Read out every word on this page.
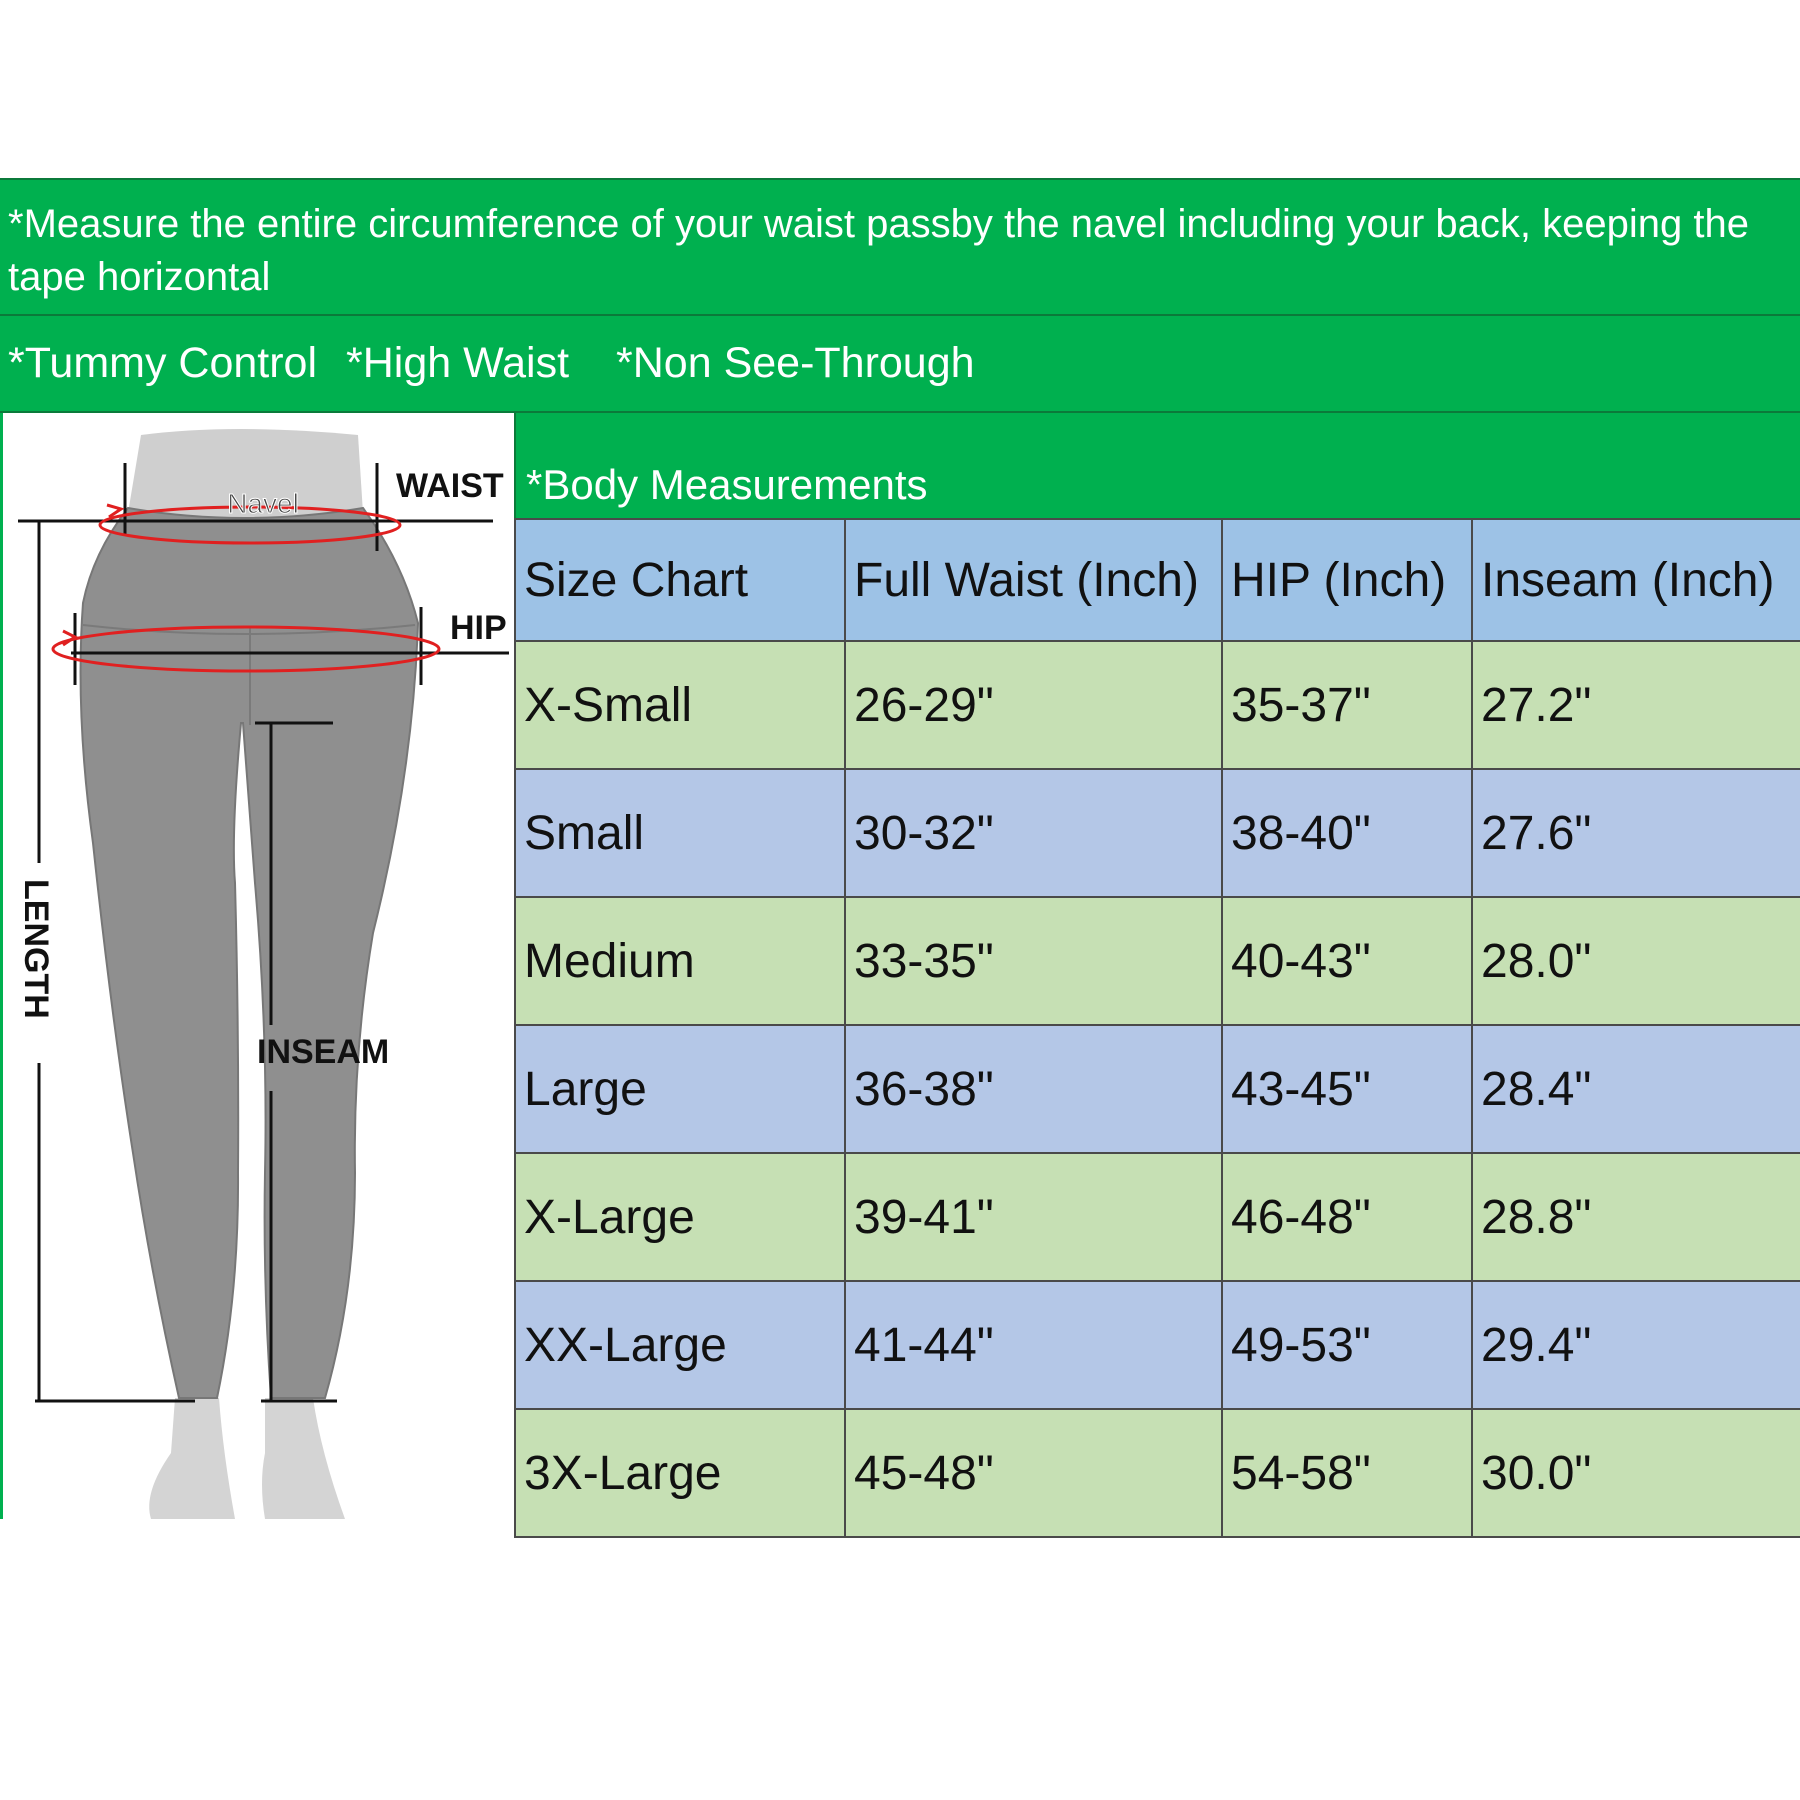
*Measure the entire circumference of your waist passby the navel including your back, keeping the tape horizontal
*Tummy Control *High Waist *Non See-Through
Navel	WAIST
HIP
LENGTH
INSEAM
*Body Measurements
Size Chart	Full Waist (Inch)	HIP (Inch)	Inseam (Inch)
X-Small	26-29"	35-37"	27.2"
Small	30-32"	38-40"	27.6"
Medium	33-35"	40-43"	28.0"
Large	36-38"	43-45"	28.4"
X-Large	39-41"	46-48"	28.8"
XX-Large	41-44"	49-53"	29.4"
3X-Large	45-48"	54-58"	30.0"
